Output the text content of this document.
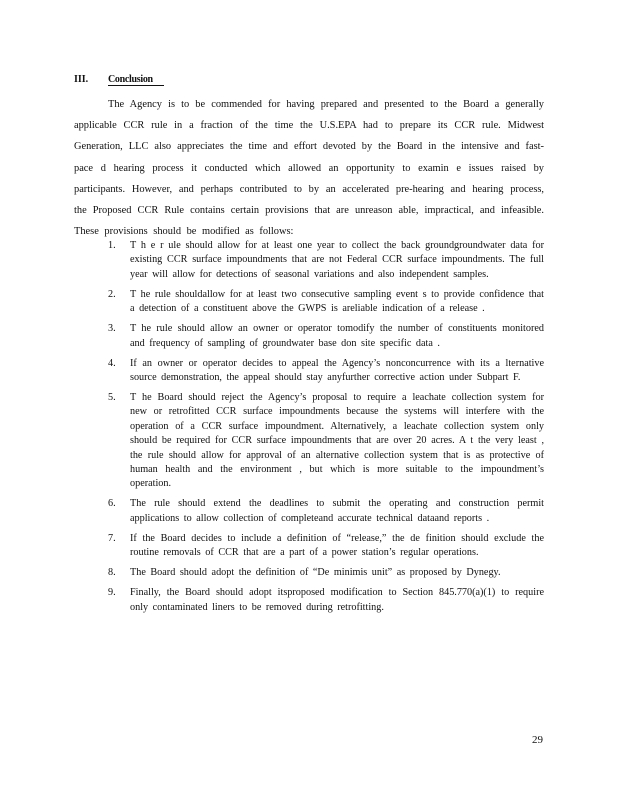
III.	Conclusion
The Agency is to be commended for having prepared and presented to the Board a generally applicable CCR rule in a fraction of the time the U.S.EPA had to prepare its CCR rule. Midwest Generation, LLC also appreciates the time and effort devoted by the Board in the intensive and fast-pace d hearing process it conducted which allowed an opportunity to examin e issues raised by participants. However, and perhaps contributed to by an accelerated pre-hearing and hearing process, the Proposed CCR Rule contains certain provisions that are unreason able, impractical, and infeasible. These provisions should be modified as follows:
1.	T h e r ule should allow for at least one year to collect the back groundgroundwater data for existing CCR surface impoundments that are not Federal CCR surface impoundments. The full year will allow for detections of seasonal variations and also independent samples.
2.	T he rule shouldallow for at least two consecutive sampling event s to provide confidence that a detection of a constituent above the GWPS is areliable indication of a release .
3.	T he rule should allow an owner or operator tomodify the number of constituents monitored and frequency of sampling of groundwater base don site specific data .
4.	If an owner or operator decides to appeal the Agency’s nonconcurrence with its a lternative source demonstration, the appeal should stay anyfurther corrective action under Subpart F.
5.	T he Board should reject the Agency’s proposal to require a leachate collection system for new or retrofitted CCR surface impoundments because the systems will interfere with the operation of a CCR surface impoundment. Alternatively, a leachate collection system only should be required for CCR surface impoundments that are over 20 acres. A t the very least , the rule should allow for approval of an alternative collection system that is as protective of human health and the environment , but which is more suitable to the impoundment’s operation.
6.	The rule should extend the deadlines to submit the operating and construction permit applications to allow collection of completeand accurate technical dataand reports .
7.	If the Board decides to include a definition of “release,” the de finition should exclude the routine removals of CCR that are a part of a power station’s regular operations.
8.	The Board should adopt the definition of “De minimis unit” as proposed by Dynegy.
9.	Finally, the Board should adopt itsproposed modification to Section 845.770(a)(1) to require only contaminated liners to be removed during retrofitting.
29
